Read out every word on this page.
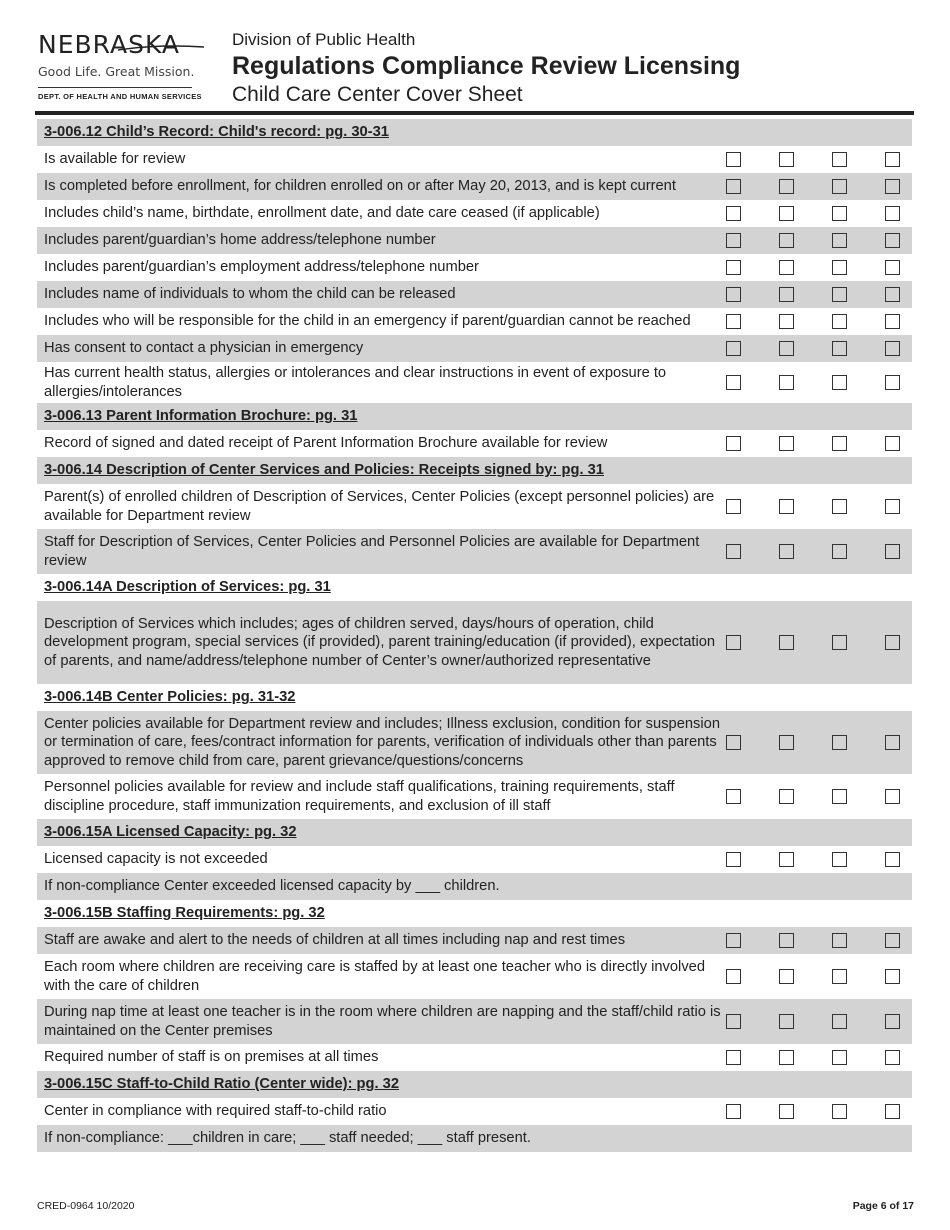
NEBRASKA
Good Life. Great Mission.
DEPT. OF HEALTH AND HUMAN SERVICES
Division of Public Health
Regulations Compliance Review Licensing
Child Care Center Cover Sheet
3-006.12 Child’s Record: Child's record: pg. 30-31
Is available for review
Is completed before enrollment, for children enrolled on or after May 20, 2013, and is kept current
Includes child’s name, birthdate, enrollment date, and date care ceased (if applicable)
Includes parent/guardian’s home address/telephone number
Includes parent/guardian’s employment address/telephone number
Includes name of individuals to whom the child can be released
Includes who will be responsible for the child in an emergency if parent/guardian cannot be reached
Has consent to contact a physician in emergency
Has current health status, allergies or intolerances and clear instructions in event of exposure to allergies/intolerances
3-006.13 Parent Information Brochure: pg. 31
Record of signed and dated receipt of Parent Information Brochure available for review
3-006.14 Description of Center Services and Policies: Receipts signed by: pg. 31
Parent(s) of enrolled children of Description of Services, Center Policies (except personnel policies) are available for Department review
Staff for Description of Services, Center Policies and Personnel Policies are available for Department review
3-006.14A Description of Services: pg. 31
Description of Services which includes; ages of children served, days/hours of operation, child development program, special services (if provided), parent training/education (if provided), expectation of parents, and name/address/telephone number of Center’s owner/authorized representative
3-006.14B Center Policies: pg. 31-32
Center policies available for Department review and includes; Illness exclusion, condition for suspension or termination of care, fees/contract information for parents, verification of individuals other than parents approved to remove child from care, parent grievance/questions/concerns
Personnel policies available for review and include staff qualifications, training requirements, staff discipline procedure, staff immunization requirements, and exclusion of ill staff
3-006.15A Licensed Capacity: pg. 32
Licensed capacity is not exceeded
If non-compliance Center exceeded licensed capacity by ___ children.
3-006.15B Staffing Requirements: pg. 32
Staff are awake and alert to the needs of children at all times including nap and rest times
Each room where children are receiving care is staffed by at least one teacher who is directly involved with the care of children
During nap time at least one teacher is in the room where children are napping and the staff/child ratio is maintained on the Center premises
Required number of staff is on premises at all times
3-006.15C Staff-to-Child Ratio (Center wide): pg. 32
Center in compliance with required staff-to-child ratio
If non-compliance: ___children in care; ___ staff needed; ___ staff present.
CRED-0964 10/2020	Page 6 of 17
